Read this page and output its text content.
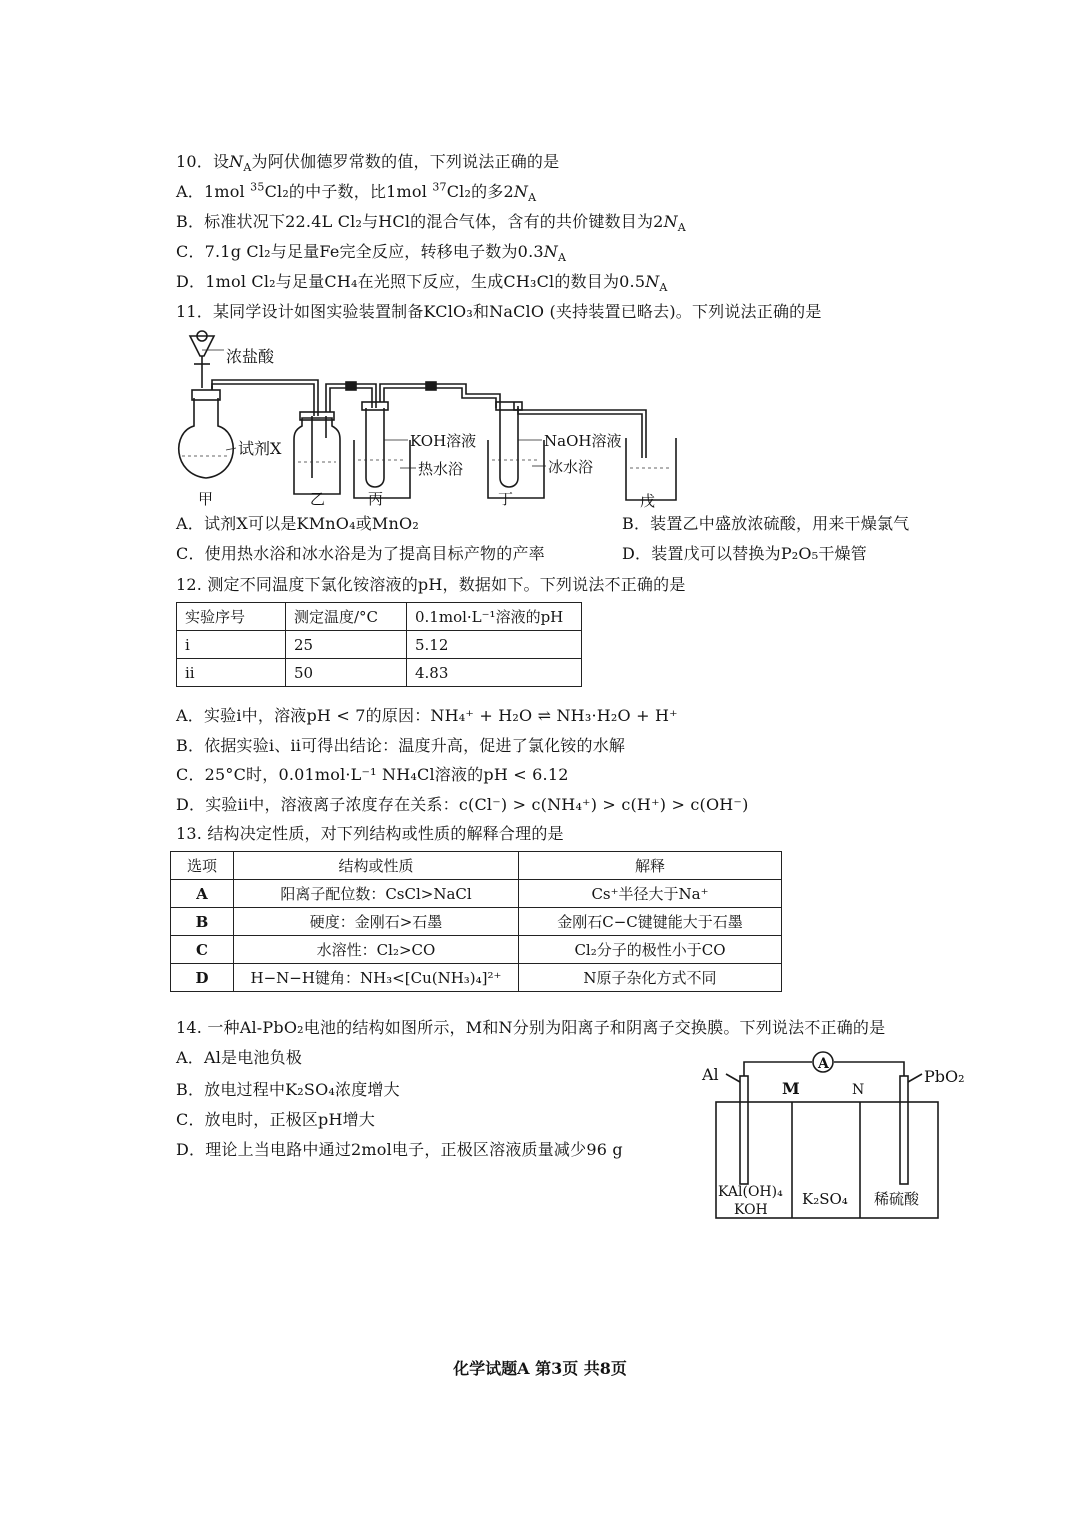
10．设$N_A$为阿伏伽德罗常数的值，下列说法正确的是
A．1mol $^{35}$Cl₂的中子数，比1mol $^{37}$Cl₂的多$2N_A$
B．标准状况下22.4L Cl₂与HCl的混合气体，含有的共价键数目为$2N_A$
C．7.1g Cl₂与足量Fe完全反应，转移电子数为$0.3N_A$
D．1mol Cl₂与足量CH₄在光照下反应，生成CH₃Cl的数目为$0.5N_A$
11．某同学设计如图实验装置制备KClO₃和NaClO (夹持装置已略去)。下列说法正确的是
浓盐酸
试剂X	KOH溶液
热水浴
NaOH溶液
冰水浴
甲	乙	丙	丁	戊
A．试剂X可以是KMnO₄或MnO₂	B．装置乙中盛放浓硫酸，用来干燥氯气
C．使用热水浴和冰水浴是为了提高目标产物的产率	D．装置戊可以替换为P₂O₅干燥管
12. 测定不同温度下氯化铵溶液的pH，数据如下。下列说法不正确的是
实验序号	测定温度/°C	0.1mol·L⁻¹溶液的pH
i	25	5.12
ii	50	4.83
A．实验i中，溶液pH < 7的原因：NH₄⁺ + H₂O ⇌ NH₃·H₂O + H⁺
B．依据实验i、ii可得出结论：温度升高，促进了氯化铵的水解
C．25°C时，0.01mol·L⁻¹ NH₄Cl溶液的pH < 6.12
D．实验ii中，溶液离子浓度存在关系：c(Cl⁻) > c(NH₄⁺) > c(H⁺) > c(OH⁻)
13. 结构决定性质，对下列结构或性质的解释合理的是
选项	结构或性质	解释
A	阳离子配位数：CsCl>NaCl	Cs⁺半径大于Na⁺
B	硬度：金刚石>石墨	金刚石C−C键键能大于石墨
C	水溶性：Cl₂>CO	Cl₂分子的极性小于CO
D	H−N−H键角：NH₃<[Cu(NH₃)₄]²⁺	N原子杂化方式不同
14. 一种Al-PbO₂电池的结构如图所示，M和N分别为阳离子和阴离子交换膜。下列说法不正确的是
A．Al是电池负极
B．放电过程中K₂SO₄浓度增大
C．放电时，正极区pH增大
D．理论上当电路中通过2mol电子，正极区溶液质量减少96 g
A
Al	PbO₂
M	N
KAl(OH)₄
KOH
K₂SO₄ 稀硫酸
化学试题A 第3页 共8页
